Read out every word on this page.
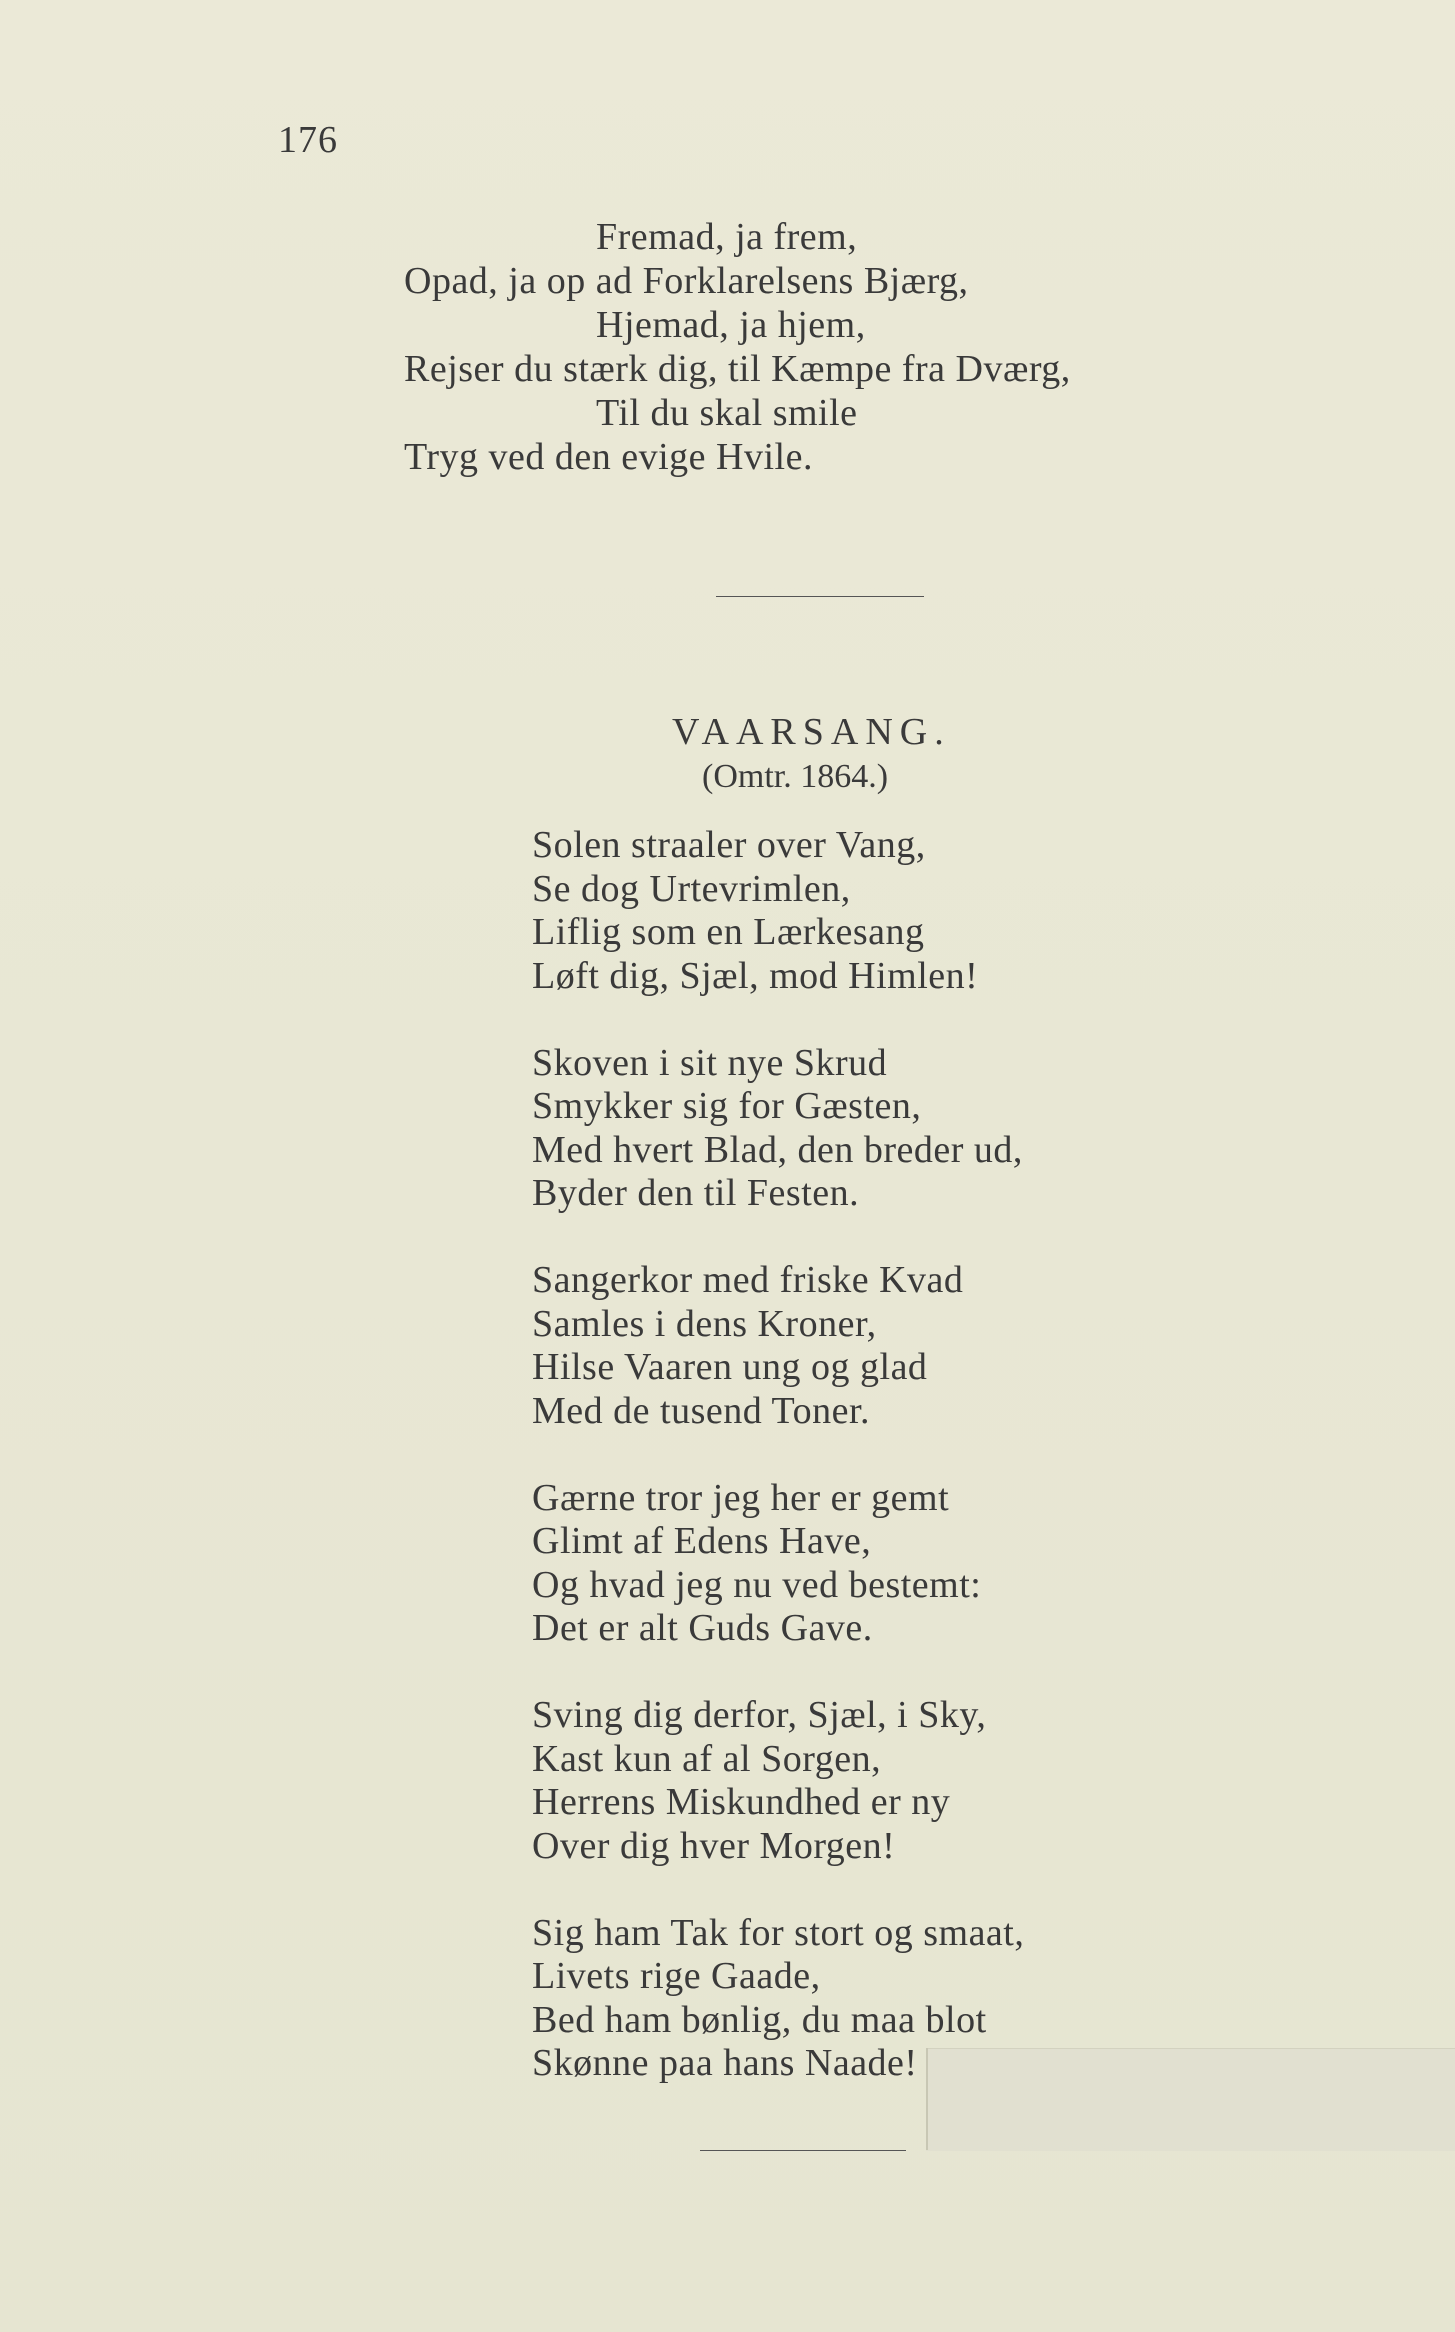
176
Fremad, ja frem,
Opad, ja op ad Forklarelsens Bjærg,
Hjemad, ja hjem,
Rejser du stærk dig, til Kæmpe fra Dværg,
Til du skal smile
Tryg ved den evige Hvile.
VAARSANG.
(Omtr. 1864.)
Solen straaler over Vang,
Se dog Urtevrimlen,
Liflig som en Lærkesang
Løft dig, Sjæl, mod Himlen!
Skoven i sit nye Skrud
Smykker sig for Gæsten,
Med hvert Blad, den breder ud,
Byder den til Festen.
Sangerkor med friske Kvad
Samles i dens Kroner,
Hilse Vaaren ung og glad
Med de tusend Toner.
Gærne tror jeg her er gemt
Glimt af Edens Have,
Og hvad jeg nu ved bestemt:
Det er alt Guds Gave.
Sving dig derfor, Sjæl, i Sky,
Kast kun af al Sorgen,
Herrens Miskundhed er ny
Over dig hver Morgen!
Sig ham Tak for stort og smaat,
Livets rige Gaade,
Bed ham bønlig, du maa blot
Skønne paa hans Naade!
